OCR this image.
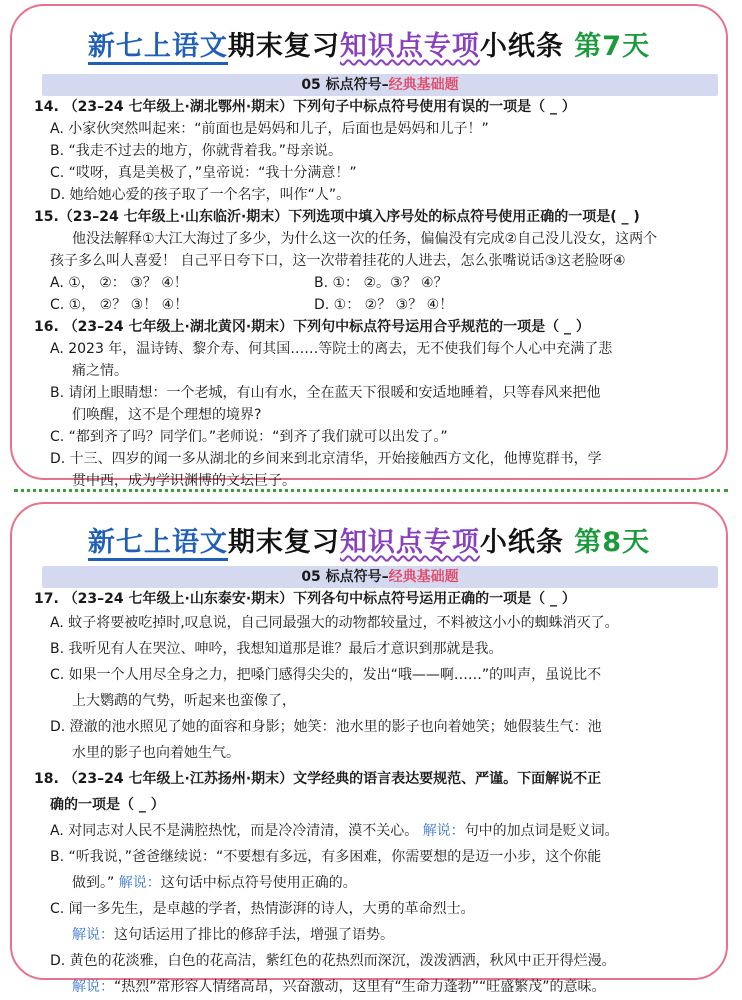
新七上语文期末复习知识点专项小纸条 第7天
05 标点符号–经典基础题
14. （23–24 七年级上·湖北鄂州·期末）下列句子中标点符号使用有误的一项是（ _ ）
A. 小家伙突然叫起来：“前面也是妈妈和儿子，后面也是妈妈和儿子！”
B. “我走不过去的地方，你就背着我。”母亲说。
C. “哎呀，真是美极了，”皇帝说：“我十分满意！”
D. 她给她心爱的孩子取了一个名字，叫作“人”。
15.（23–24 七年级上·山东临沂·期末）下列选项中填入序号处的标点符号使用正确的一项是( _ )
他没法解释①大江大海过了多少，为什么这一次的任务，偏偏没有完成②自己没儿没女，这两个
孩子多么叫人喜爱！ 自己平日夸下口，这一次带着挂花的人进去，怎么张嘴说话③这老脸呀④
A. ①， ②： ③？ ④！	B. ①： ②。③？ ④？
C. ①， ②？ ③！ ④！	D. ①： ②？ ③？ ④！
16. （23–24 七年级上·湖北黄冈·期末）下列句中标点符号运用合乎规范的一项是（ _ ）
A. 2023 年，温诗铸、黎介寿、何其国……等院士的离去，无不使我们每个人心中充满了悲
痛之情。
B. 请闭上眼睛想：一个老城，有山有水，全在蓝天下很暖和安适地睡着，只等春风来把他
们唤醒，这不是个理想的境界?
C. “都到齐了吗？同学们。”老师说：“到齐了我们就可以出发了。”
D. 十三、四岁的闻一多从湖北的乡间来到北京清华，开始接触西方文化，他博览群书，学
贯中西，成为学识渊博的文坛巨子。
新七上语文期末复习知识点专项小纸条 第8天
05 标点符号–经典基础题
17. （23–24 七年级上·山东泰安·期末）下列各句中标点符号运用正确的一项是（ _ ）
A. 蚊子将要被吃掉时,叹息说，自己同最强大的动物都较量过，不料被这小小的蜘蛛消灭了。
B. 我听见有人在哭泣、呻吟，我想知道那是谁？最后才意识到那就是我。
C. 如果一个人用尽全身之力，把嗓门感得尖尖的，发出“哦——啊……”的叫声，虽说比不
上大鹦鹉的气势，听起来也蛮像了，
D. 澄澈的池水照见了她的面容和身影；她笑：池水里的影子也向着她笑；她假装生气：池
水里的影子也向着她生气。
18. （23–24 七年级上·江苏扬州·期末）文学经典的语言表达要规范、严谨。下面解说不正
确的一项是（ _ ）
A. 对同志对人民不是满腔热忱，而是冷冷清清，漠不关心。 解说：句中的加点词是贬义词。
B. “听我说，”爸爸继续说：“不要想有多远，有多困难，你需要想的是迈一小步，这个你能
做到。” 解说：这句话中标点符号使用正确的。
C. 闻一多先生，是卓越的学者，热情澎湃的诗人，大勇的革命烈士。
解说：这句话运用了排比的修辞手法，增强了语势。
D. 黄色的花淡雅，白色的花高洁，紫红色的花热烈而深沉，泼泼洒洒，秋风中正开得烂漫。
解说：“热烈”常形容人情绪高昂，兴奋激动，这里有“生命力蓬勃”“旺盛繁茂”的意味。
